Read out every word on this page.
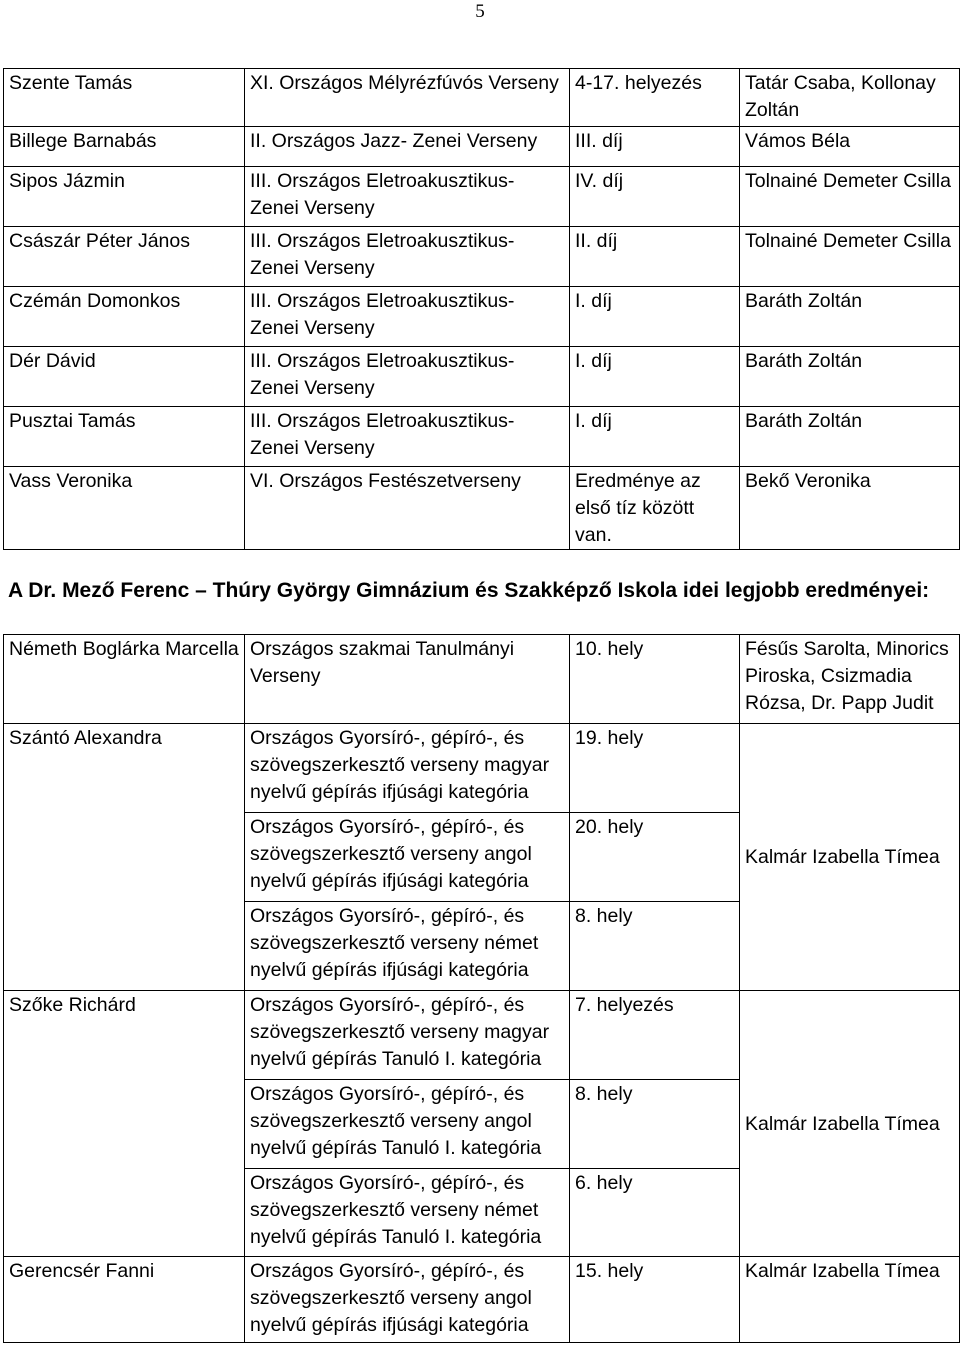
5
Szente Tamás	XI. Országos Mélyrézfúvós Verseny	4-17. helyezés	Tatár Csaba, Kollonay Zoltán
Billege Barnabás	II. Országos Jazz- Zenei Verseny	III. díj	Vámos Béla
Sipos Jázmin	III. Országos Eletroakusztikus- Zenei Verseny	IV. díj	Tolnainé Demeter Csilla
Császár Péter János	III. Országos Eletroakusztikus- Zenei Verseny	II. díj	Tolnainé Demeter Csilla
Czémán Domonkos	III. Országos Eletroakusztikus- Zenei Verseny	I. díj	Baráth Zoltán
Dér Dávid	III. Országos Eletroakusztikus- Zenei Verseny	I. díj	Baráth Zoltán
Pusztai Tamás	III. Országos Eletroakusztikus- Zenei Verseny	I. díj	Baráth Zoltán
Vass Veronika	VI. Országos Festészetverseny	Eredménye az első tíz között van.	Bekő Veronika
A Dr. Mező Ferenc – Thúry György Gimnázium és Szakképző Iskola idei legjobb eredményei:
Németh Boglárka Marcella	Országos szakmai Tanulmányi Verseny	10. hely	Fésűs Sarolta, Minorics Piroska, Csizmadia Rózsa, Dr. Papp Judit
Szántó Alexandra	Országos Gyorsíró-, gépíró-, és szövegszerkesztő verseny magyar nyelvű gépírás ifjúsági kategória	19. hely	Kalmár Izabella Tímea
	Országos Gyorsíró-, gépíró-, és szövegszerkesztő verseny angol nyelvű gépírás ifjúsági kategória	20. hely	
	Országos Gyorsíró-, gépíró-, és szövegszerkesztő verseny német nyelvű gépírás ifjúsági kategória	8. hely	
Szőke Richárd	Országos Gyorsíró-, gépíró-, és szövegszerkesztő verseny magyar nyelvű gépírás Tanuló I. kategória	7. helyezés	Kalmár Izabella Tímea
	Országos Gyorsíró-, gépíró-, és szövegszerkesztő verseny angol nyelvű gépírás Tanuló I. kategória	8. hely	
	Országos Gyorsíró-, gépíró-, és szövegszerkesztő verseny német nyelvű gépírás Tanuló I. kategória	6. hely	
Gerencsér Fanni	Országos Gyorsíró-, gépíró-, és szövegszerkesztő verseny angol nyelvű gépírás ifjúsági kategória	15. hely	Kalmár Izabella Tímea
